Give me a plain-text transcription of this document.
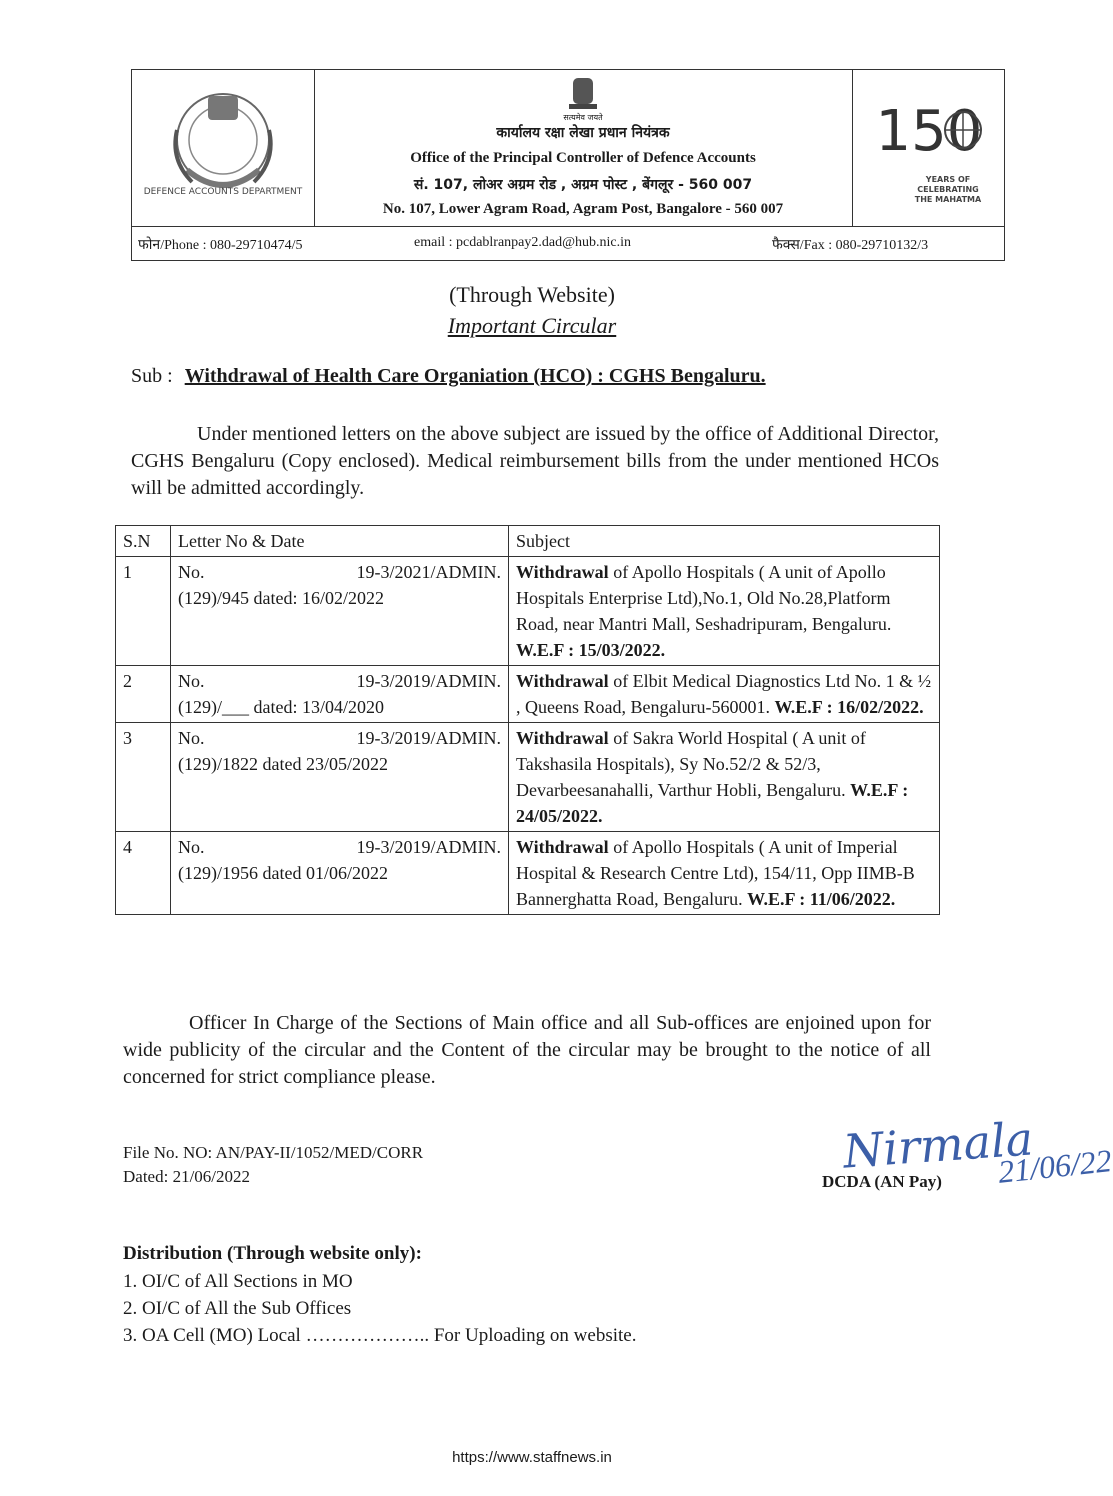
DEFENCE ACCOUNTS DEPARTMENT
सत्यमेव जयते
कार्यालय रक्षा लेखा प्रधान नियंत्रक
Office of the Principal Controller of Defence Accounts
सं. 107, लोअर अग्रम रोड , अग्रम पोस्ट , बेंगलूर - 560 007
No. 107, Lower Agram Road, Agram Post, Bangalore - 560 007
150
YEARS OF
CELEBRATING
THE MAHATMA
फोन/Phone : 080-29710474/5	email : pcdablranpay2.dad@hub.nic.in	फैक्स/Fax : 080-29710132/3
(Through Website)
Important Circular
Sub : Withdrawal of Health Care Organiation (HCO) : CGHS Bengaluru.
Under mentioned letters on the above subject are issued by the office of Additional Director, CGHS Bengaluru (Copy enclosed). Medical reimbursement bills from the under mentioned HCOs will be admitted accordingly.
S.N	Letter No & Date	Subject
1	No. 19-3/2021/ADMIN.
(129)/945 dated: 16/02/2022	Withdrawal of Apollo Hospitals ( A unit of Apollo Hospitals Enterprise Ltd),No.1, Old No.28,Platform Road, near Mantri Mall, Seshadripuram, Bengaluru. W.E.F : 15/03/2022.
2	No. 19-3/2019/ADMIN.
(129)/___ dated: 13/04/2020	Withdrawal of Elbit Medical Diagnostics Ltd No. 1 & ½ , Queens Road, Bengaluru-560001. W.E.F : 16/02/2022.
3	No. 19-3/2019/ADMIN.
(129)/1822 dated 23/05/2022	Withdrawal of Sakra World Hospital ( A unit of Takshasila Hospitals), Sy No.52/2 & 52/3, Devarbeesanahalli, Varthur Hobli, Bengaluru. W.E.F : 24/05/2022.
4	No. 19-3/2019/ADMIN.
(129)/1956 dated 01/06/2022	Withdrawal of Apollo Hospitals ( A unit of Imperial Hospital & Research Centre Ltd), 154/11, Opp IIMB-B Bannerghatta Road, Bengaluru. W.E.F : 11/06/2022.
Officer In Charge of the Sections of Main office and all Sub-offices are enjoined upon for wide publicity of the circular and the Content of the circular may be brought to the notice of all concerned for strict compliance please.
File No. NO: AN/PAY-II/1052/MED/CORR
Dated: 21/06/2022	Nirmala
21/06/22
DCDA (AN Pay)
Distribution (Through website only):
1. OI/C of All Sections in MO
2. OI/C of All the Sub Offices
3. OA Cell (MO) Local ……………….. For Uploading on website.
https://www.staffnews.in
